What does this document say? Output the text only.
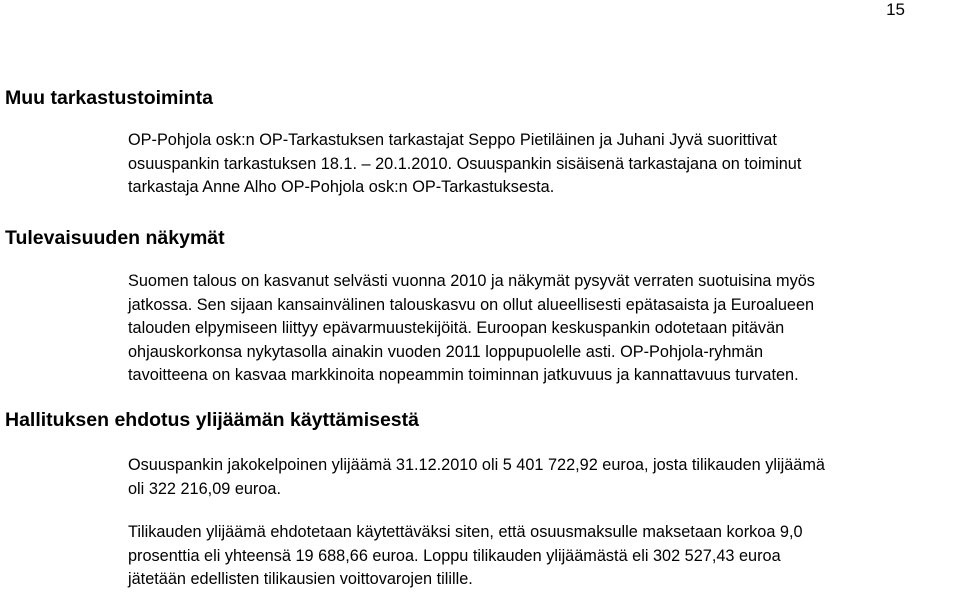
15
Muu tarkastustoiminta
OP-Pohjola osk:n OP-Tarkastuksen tarkastajat Seppo Pietiläinen ja Juhani Jyvä suorittivat
osuuspankin tarkastuksen 18.1. – 20.1.2010. Osuuspankin sisäisenä tarkastajana on toiminut
tarkastaja Anne Alho OP-Pohjola osk:n OP-Tarkastuksesta.
Tulevaisuuden näkymät
Suomen talous on kasvanut selvästi vuonna 2010 ja näkymät pysyvät verraten suotuisina myös
jatkossa. Sen sijaan kansainvälinen talouskasvu on ollut alueellisesti epätasaista ja Euroalueen
talouden elpymiseen liittyy epävarmuustekijöitä. Euroopan keskuspankin odotetaan pitävän
ohjauskorkonsa nykytasolla ainakin vuoden 2011 loppupuolelle asti. OP-Pohjola-ryhmän
tavoitteena on kasvaa markkinoita nopeammin toiminnan jatkuvuus ja kannattavuus turvaten.
Hallituksen ehdotus ylijäämän käyttämisestä
Osuuspankin jakokelpoinen ylijäämä 31.12.2010 oli 5 401 722,92 euroa, josta tilikauden ylijäämä
oli 322 216,09 euroa.
Tilikauden ylijäämä ehdotetaan käytettäväksi siten, että osuusmaksulle maksetaan korkoa 9,0
prosenttia eli yhteensä 19 688,66 euroa. Loppu tilikauden ylijäämästä eli 302 527,43 euroa
jätetään edellisten tilikausien voittovarojen tilille.
